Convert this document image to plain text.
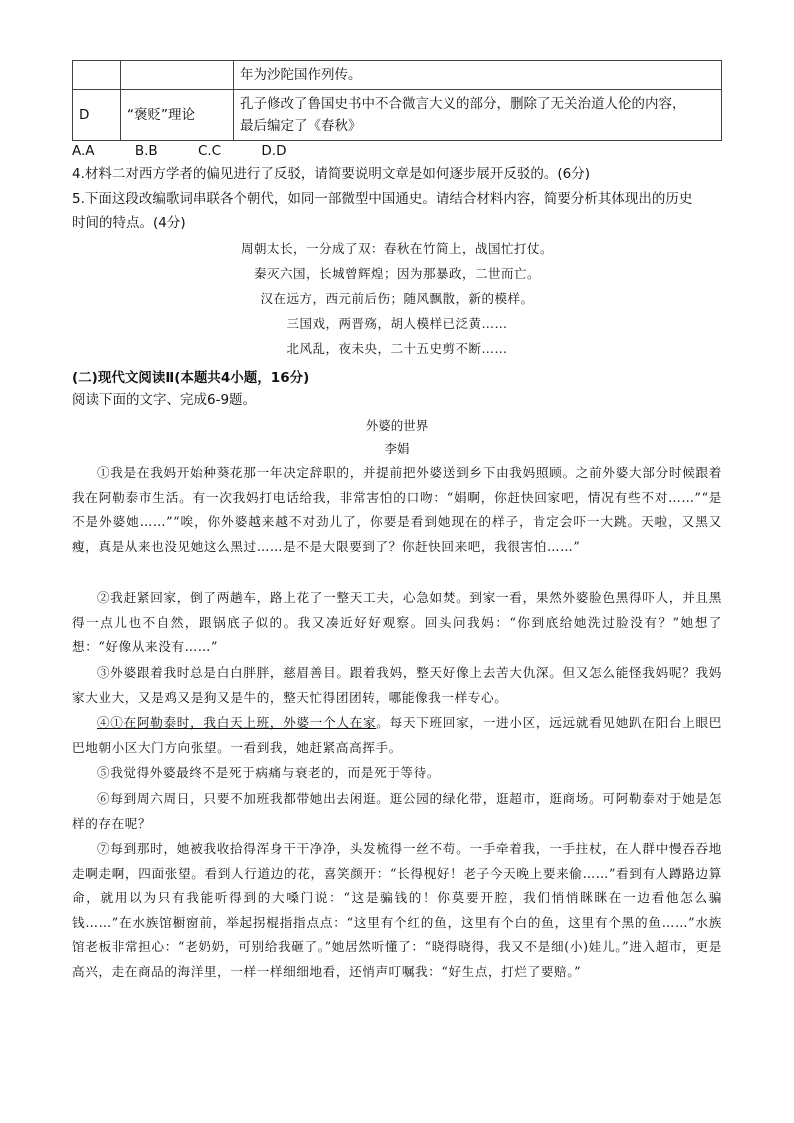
		年为沙陀国作列传。
D	“褒贬”理论	孔子修改了鲁国史书中不合微言大义的部分，删除了无关治道人伦的内容，
最后编定了《春秋》
A.A	B.B	C.C	D.D
4.材料二对西方学者的偏见进行了反驳，请简要说明文章是如何逐步展开反驳的。(6分)
5.下面这段改编歌词串联各个朝代，如同一部微型中国通史。请结合材料内容，简要分析其体现出的历史
时间的特点。(4分)
周朝太长，一分成了双：春秋在竹简上，战国忙打仗。
秦灭六国，长城曾辉煌；因为那暴政，二世而亡。
汉在远方，西元前后伤；随风飘散，新的模样。
三国戏，两晋殇，胡人模样已泛黄……
北风乱，夜未央，二十五史剪不断……
(二)现代文阅读Ⅱ(本题共4小题，16分)
阅读下面的文字、完成6-9题。
外婆的世界
李娟
①我是在我妈开始种葵花那一年决定辞职的，并提前把外婆送到乡下由我妈照顾。之前外婆大部分时候跟着我在阿勒泰市生活。有一次我妈打电话给我，非常害怕的口吻：“娟啊，你赶快回家吧，情况有些不对……”“是不是外婆她……”“唉，你外婆越来越不对劲儿了，你要是看到她现在的样子，肯定会吓一大跳。天啦，又黑又瘦，真是从来也没见她这么黑过……是不是大限要到了？你赶快回来吧，我很害怕……”
②我赶紧回家，倒了两趟车，路上花了一整天工夫，心急如焚。到家一看，果然外婆脸色黑得吓人，并且黑得一点儿也不自然，跟锅底子似的。我又凑近好好观察。回头问我妈：“你到底给她洗过脸没有？”她想了想：“好像从来没有……”
③外婆跟着我时总是白白胖胖，慈眉善目。跟着我妈，整天好像上去苦大仇深。但又怎么能怪我妈呢？我妈家大业大，又是鸡又是狗又是牛的，整天忙得团团转，哪能像我一样专心。
④①在阿勒泰时，我白天上班，外婆一个人在家。每天下班回家，一进小区，远远就看见她趴在阳台上眼巴巴地朝小区大门方向张望。一看到我，她赶紧高高挥手。
⑤我觉得外婆最终不是死于病痛与衰老的，而是死于等待。
⑥每到周六周日，只要不加班我都带她出去闲逛。逛公园的绿化带，逛超市，逛商场。可阿勒泰对于她是怎样的存在呢？
⑦每到那时，她被我收拾得浑身干干净净，头发梳得一丝不苟。一手牵着我，一手拄杖，在人群中慢吞吞地走啊走啊，四面张望。看到人行道边的花，喜笑颜开：“长得枧好！老子今天晚上要来偷……”看到有人蹲路边算命，就用以为只有我能听得到的大嗓门说：“这是骗钱的！你莫要开腔，我们悄悄眯眯在一边看他怎么骗钱……”在水族馆橱窗前，举起拐棍指指点点：“这里有个红的鱼，这里有个白的鱼，这里有个黑的鱼……”水族馆老板非常担心：“老奶奶，可别给我砸了。”她居然听懂了：“晓得晓得，我又不是细(小)娃儿。”进入超市，更是高兴，走在商品的海洋里，一样一样细细地看，还悄声叮嘱我：“好生点，打烂了要赔。”
